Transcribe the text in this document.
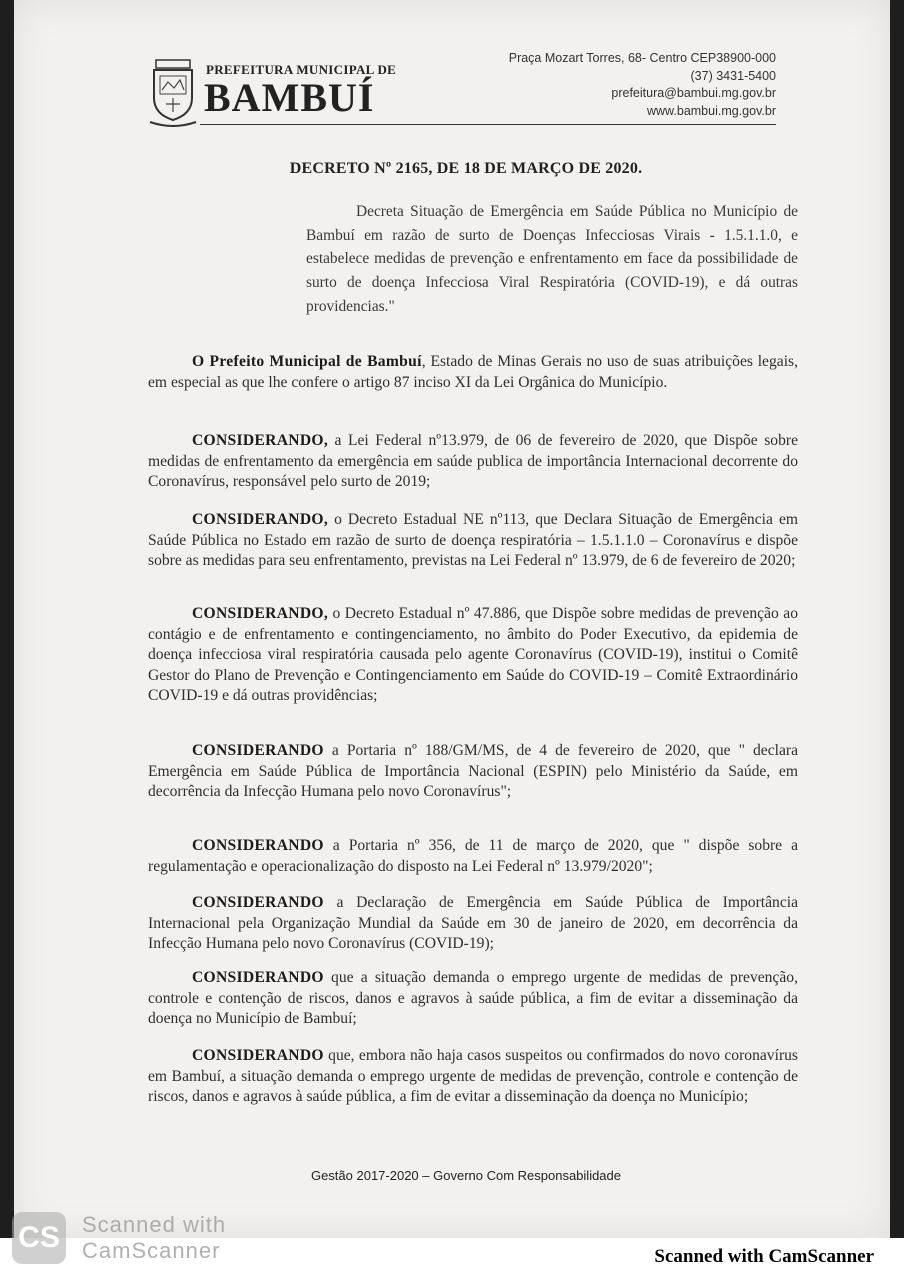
PREFEITURA MUNICIPAL DE
BAMBUÍ
Praça Mozart Torres, 68- Centro CEP38900-000
(37) 3431-5400
prefeitura@bambui.mg.gov.br
www.bambui.mg.gov.br
DECRETO Nº 2165, DE 18 DE MARÇO DE 2020.
Decreta Situação de Emergência em Saúde Pública no Município de Bambuí em razão de surto de Doenças Infecciosas Virais - 1.5.1.1.0, e estabelece medidas de prevenção e enfrentamento em face da possibilidade de surto de doença Infecciosa Viral Respiratória (COVID-19), e dá outras providencias."

O Prefeito Municipal de Bambuí, Estado de Minas Gerais no uso de suas atribuições legais, em especial as que lhe confere o artigo 87 inciso XI da Lei Orgânica do Município.

CONSIDERANDO, a Lei Federal nº13.979, de 06 de fevereiro de 2020, que Dispõe sobre medidas de enfrentamento da emergência em saúde publica de importância Internacional decorrente do Coronavírus, responsável pelo surto de 2019;

CONSIDERANDO, o Decreto Estadual NE nº113, que Declara Situação de Emergência em Saúde Pública no Estado em razão de surto de doença respiratória – 1.5.1.1.0 – Coronavírus e dispõe sobre as medidas para seu enfrentamento, previstas na Lei Federal nº 13.979, de 6 de fevereiro de 2020;

CONSIDERANDO, o Decreto Estadual nº 47.886, que Dispõe sobre medidas de prevenção ao contágio e de enfrentamento e contingenciamento, no âmbito do Poder Executivo, da epidemia de doença infecciosa viral respiratória causada pelo agente Coronavírus (COVID-19), institui o Comitê Gestor do Plano de Prevenção e Contingenciamento em Saúde do COVID-19 – Comitê Extraordinário COVID-19 e dá outras providências;

CONSIDERANDO a Portaria nº 188/GM/MS, de 4 de fevereiro de 2020, que " declara Emergência em Saúde Pública de Importância Nacional (ESPIN) pelo Ministério da Saúde, em decorrência da Infecção Humana pelo novo Coronavírus";

CONSIDERANDO a Portaria nº 356, de 11 de março de 2020, que " dispõe sobre a regulamentação e operacionalização do disposto na Lei Federal nº 13.979/2020";

CONSIDERANDO a Declaração de Emergência em Saúde Pública de Importância Internacional pela Organização Mundial da Saúde em 30 de janeiro de 2020, em decorrência da Infecção Humana pelo novo Coronavírus (COVID-19);

CONSIDERANDO que a situação demanda o emprego urgente de medidas de prevenção, controle e contenção de riscos, danos e agravos à saúde pública, a fim de evitar a disseminação da doença no Município de Bambuí;

CONSIDERANDO que, embora não haja casos suspeitos ou confirmados do novo coronavírus em Bambuí, a situação demanda o emprego urgente de medidas de prevenção, controle e contenção de riscos, danos e agravos à saúde pública, a fim de evitar a disseminação da doença no Município;

Gestão 2017-2020 – Governo Com Responsabilidade
CS Scanned with
CamScanner	Scanned with CamScanner
